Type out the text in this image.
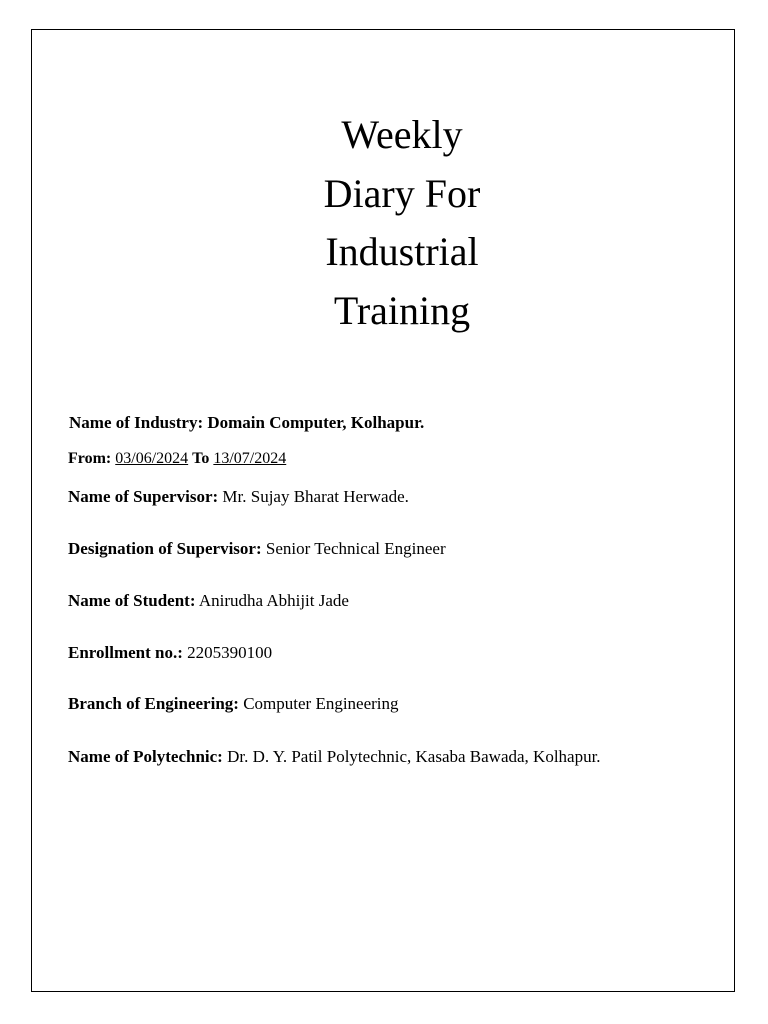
Weekly
Diary For
Industrial
Training
Name of Industry: Domain Computer, Kolhapur.
From: 03/06/2024 To 13/07/2024
Name of Supervisor: Mr. Sujay Bharat Herwade.
Designation of Supervisor: Senior Technical Engineer
Name of Student: Anirudha Abhijit Jade
Enrollment no.: 2205390100
Branch of Engineering: Computer Engineering
Name of Polytechnic: Dr. D. Y. Patil Polytechnic, Kasaba Bawada, Kolhapur.
